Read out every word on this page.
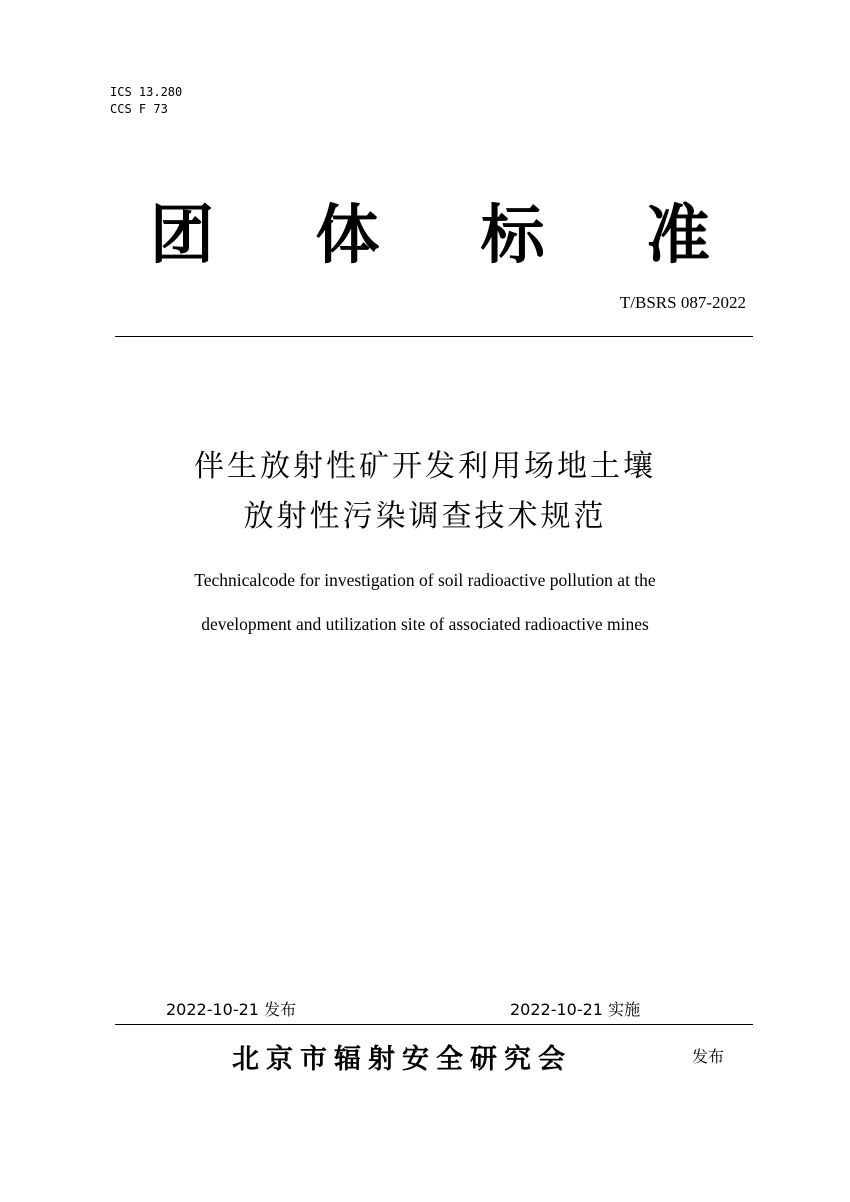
ICS 13.280
CCS F 73
团 体 标 准
T/BSRS 087-2022
伴生放射性矿开发利用场地土壤
放射性污染调查技术规范
Technicalcode for investigation of soil radioactive pollution at the
development and utilization site of associated radioactive mines
2022-10-21 发布	2022-10-21 实施
北京市辐射安全研究会	发布
